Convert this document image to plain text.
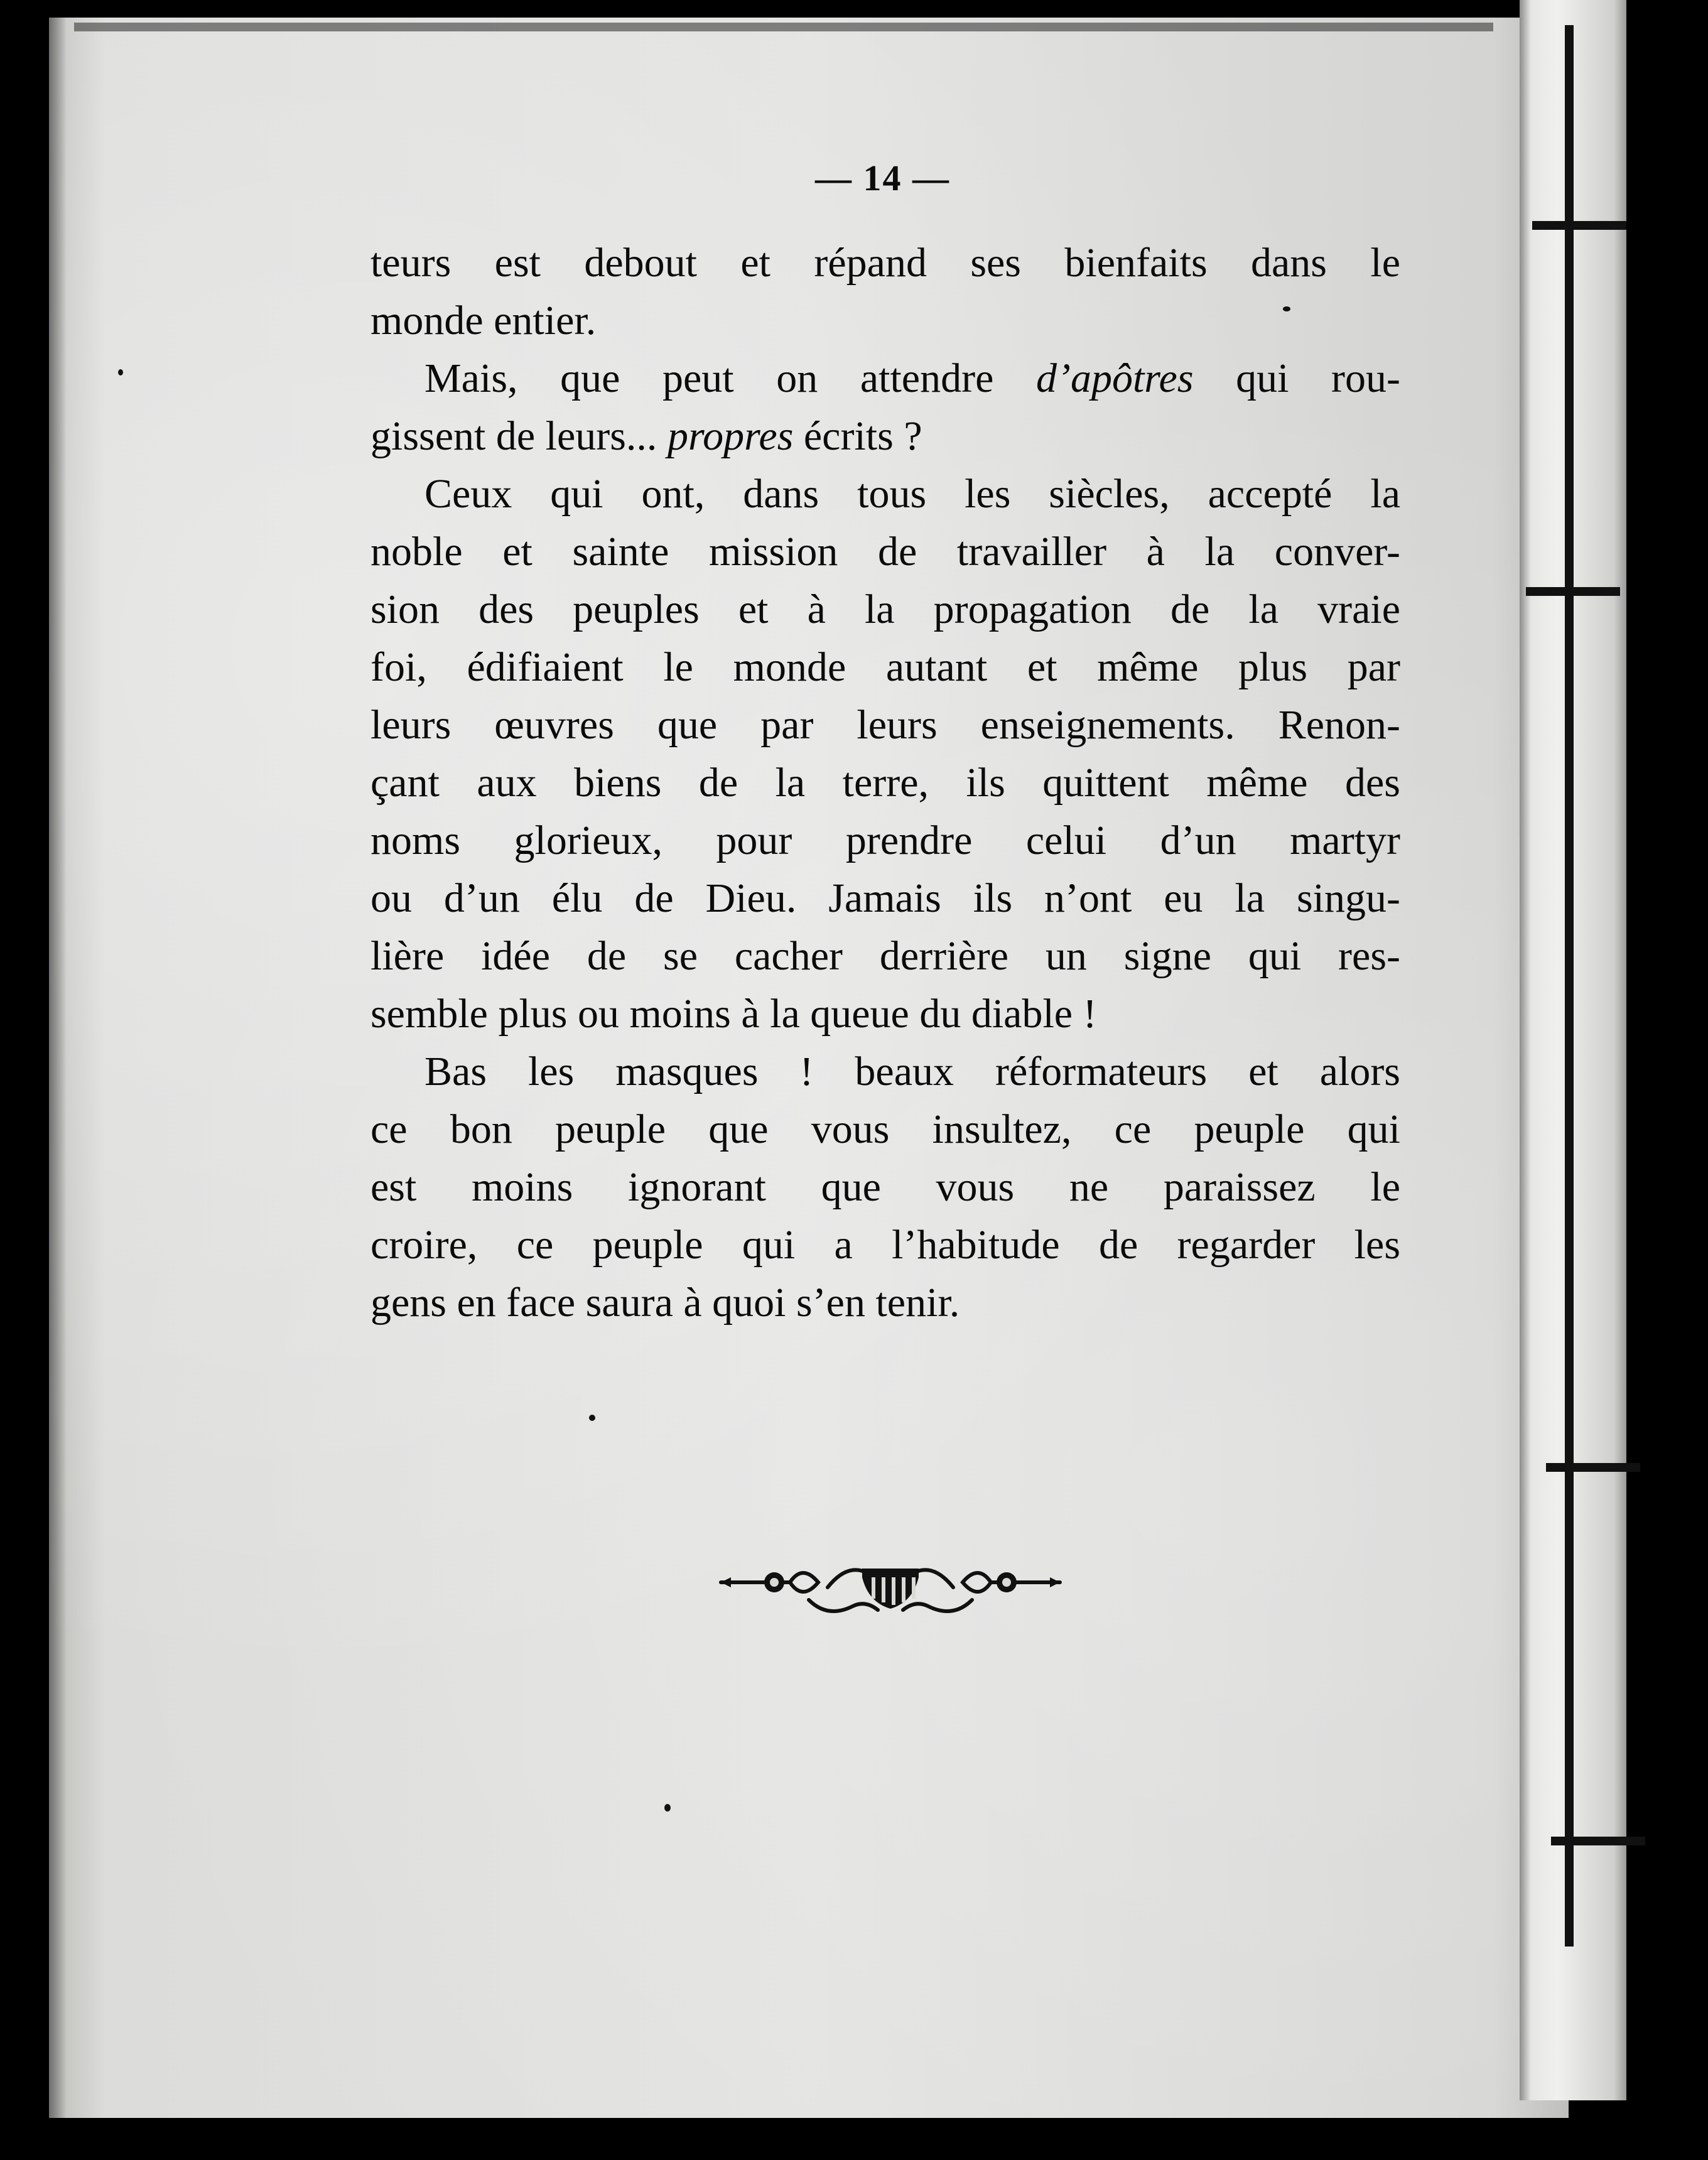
— 14 —
teurs est debout et répand ses bienfaits dans le
monde entier.
Mais, que peut on attendre d’apôtres qui rou-
gissent de leurs... propres écrits ?
Ceux qui ont, dans tous les siècles, accepté la
noble et sainte mission de travailler à la conver-
sion des peuples et à la propagation de la vraie
foi, édifiaient le monde autant et même plus par
leurs œuvres que par leurs enseignements. Renon-
çant aux biens de la terre, ils quittent même des
noms glorieux, pour prendre celui d’un martyr
ou d’un élu de Dieu. Jamais ils n’ont eu la singu-
lière idée de se cacher derrière un signe qui res-
semble plus ou moins à la queue du diable !
Bas les masques ! beaux réformateurs et alors
ce bon peuple que vous insultez, ce peuple qui
est moins ignorant que vous ne paraissez le
croire, ce peuple qui a l’habitude de regarder les
gens en face saura à quoi s’en tenir.
